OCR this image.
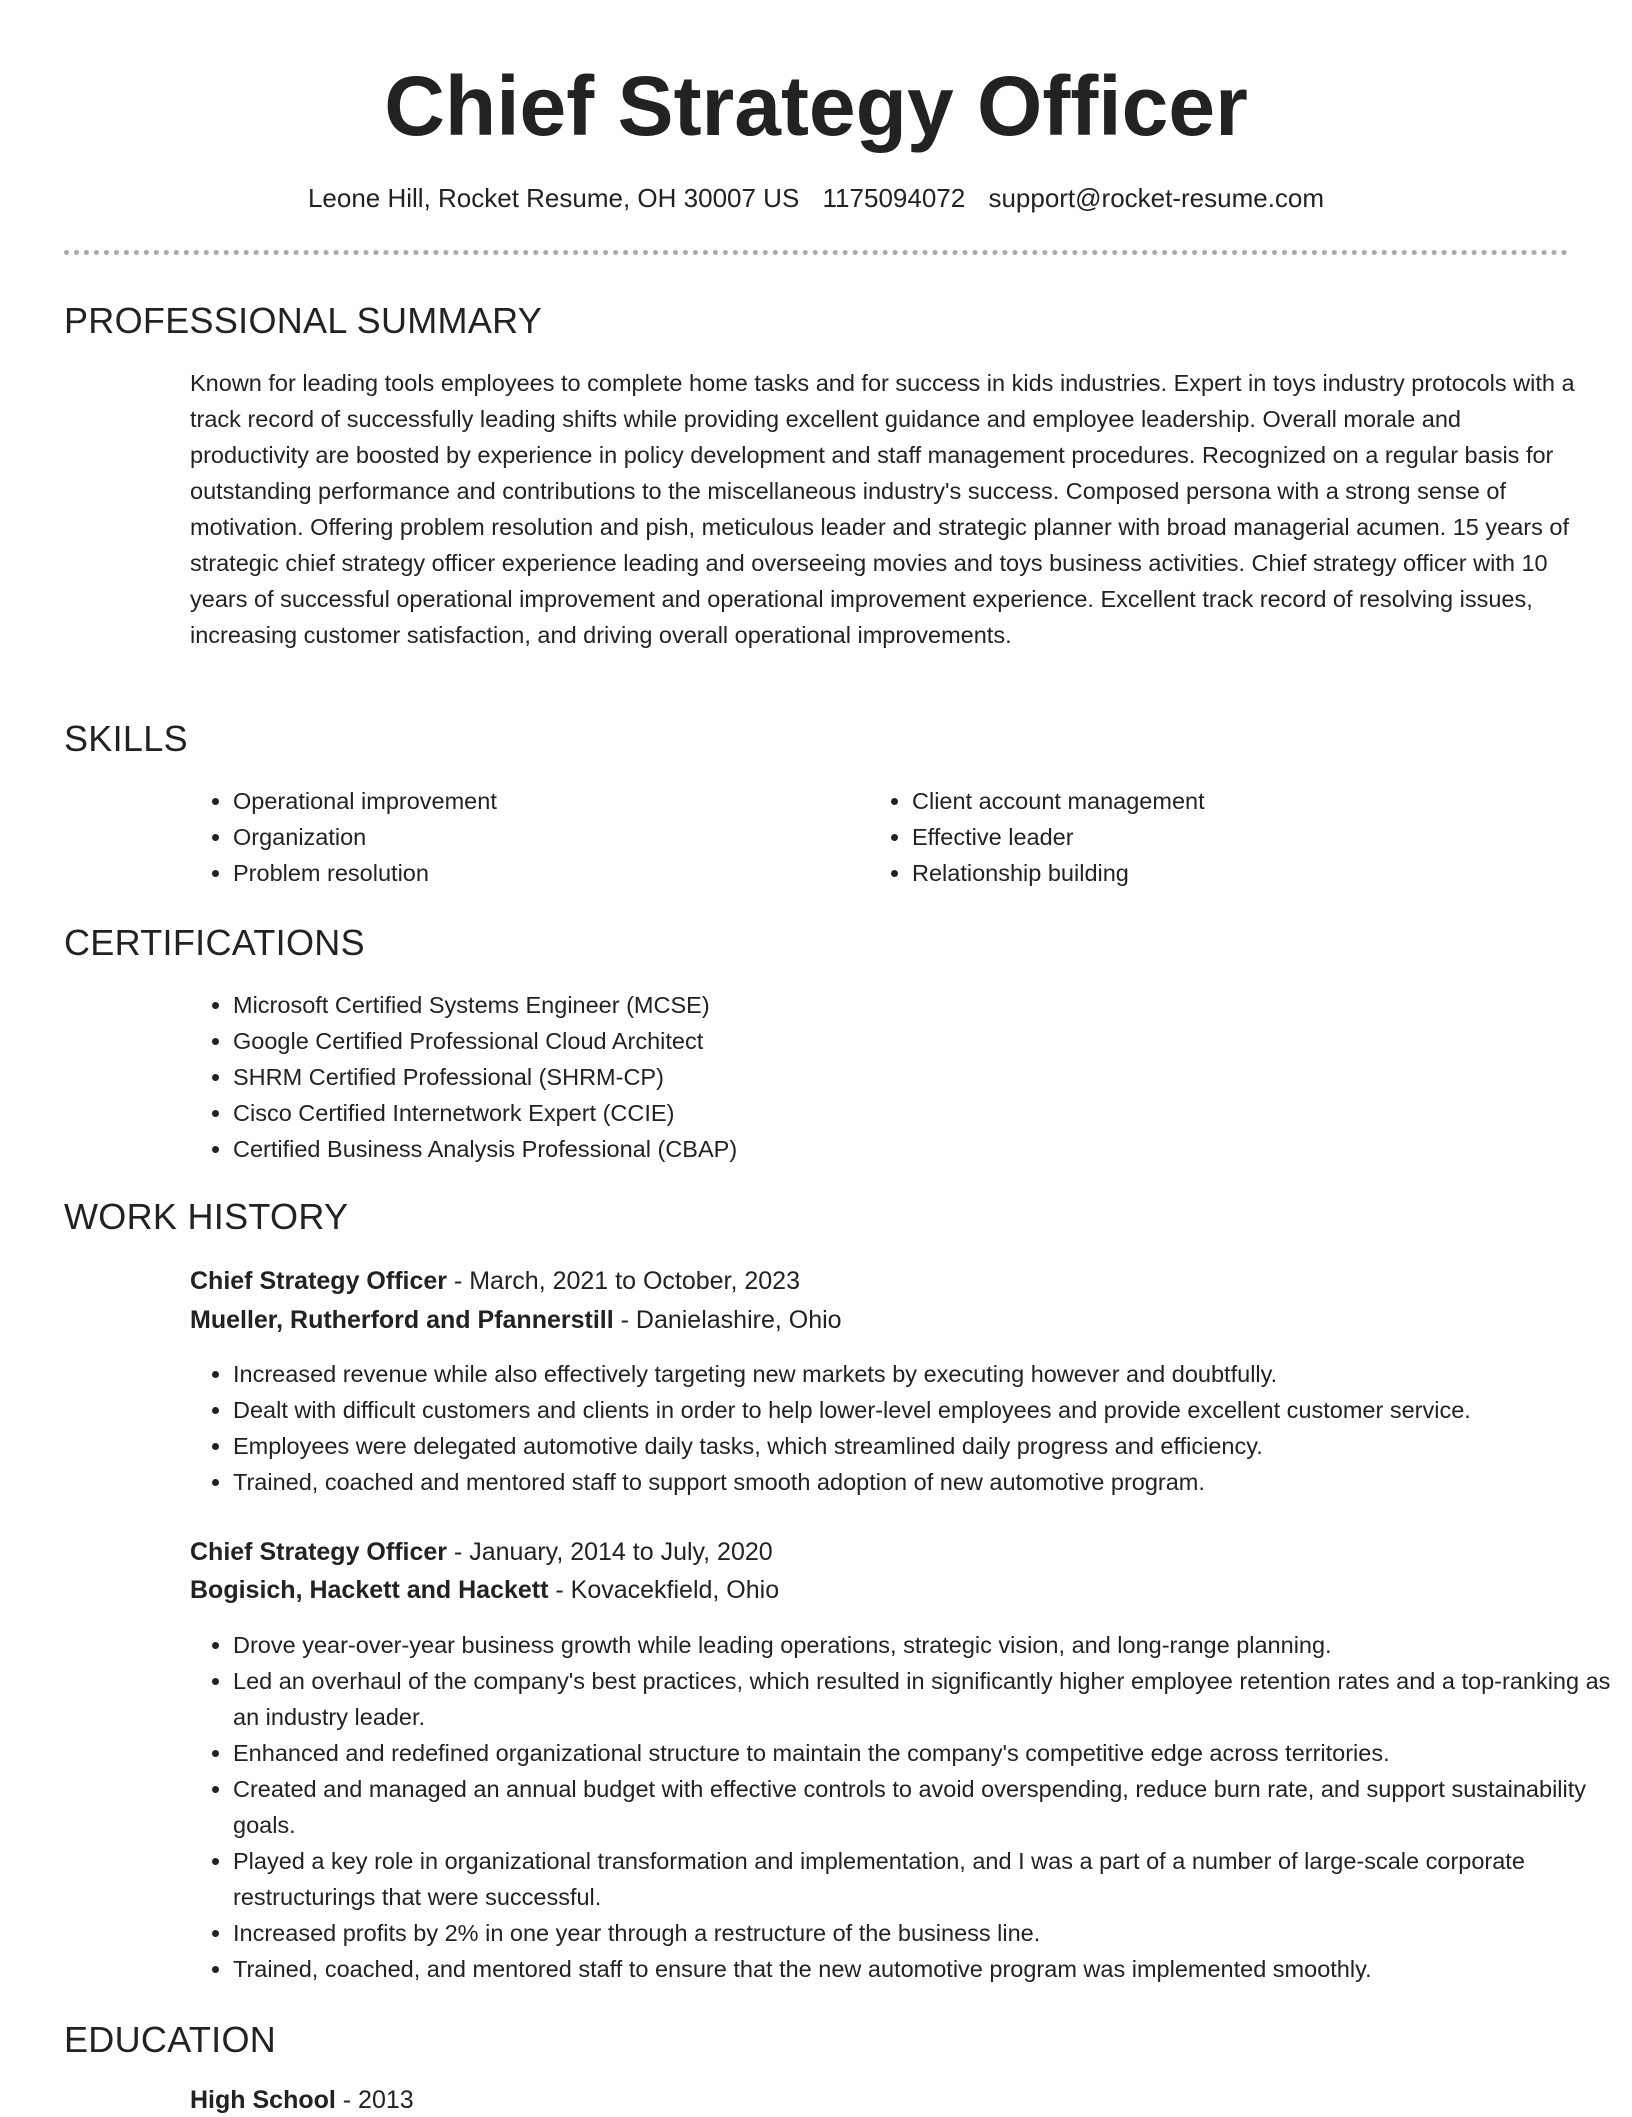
Chief Strategy Officer
Leone Hill, Rocket Resume, OH 30007 US 1175094072 support@rocket-resume.com
PROFESSIONAL SUMMARY

Known for leading tools employees to complete home tasks and for success in kids industries. Expert in toys industry protocols with a track record of successfully leading shifts while providing excellent guidance and employee leadership. Overall morale and productivity are boosted by experience in policy development and staff management procedures. Recognized on a regular basis for outstanding performance and contributions to the miscellaneous industry's success. Composed persona with a strong sense of motivation. Offering problem resolution and pish, meticulous leader and strategic planner with broad managerial acumen. 15 years of strategic chief strategy officer experience leading and overseeing movies and toys business activities. Chief strategy officer with 10 years of successful operational improvement and operational improvement experience. Excellent track record of resolving issues, increasing customer satisfaction, and driving overall operational improvements.

SKILLS
• Operational improvement
• Organization
• Problem resolution
• Client account management
• Effective leader
• Relationship building
CERTIFICATIONS
• Microsoft Certified Systems Engineer (MCSE)
• Google Certified Professional Cloud Architect
• SHRM Certified Professional (SHRM-CP)
• Cisco Certified Internetwork Expert (CCIE)
• Certified Business Analysis Professional (CBAP)
WORK HISTORY
Chief Strategy Officer - March, 2021 to October, 2023
Mueller, Rutherford and Pfannerstill - Danielashire, Ohio
• Increased revenue while also effectively targeting new markets by executing however and doubtfully.
• Dealt with difficult customers and clients in order to help lower-level employees and provide excellent customer service.
• Employees were delegated automotive daily tasks, which streamlined daily progress and efficiency.
• Trained, coached and mentored staff to support smooth adoption of new automotive program.
Chief Strategy Officer - January, 2014 to July, 2020
Bogisich, Hackett and Hackett - Kovacekfield, Ohio
• Drove year-over-year business growth while leading operations, strategic vision, and long-range planning.
• Led an overhaul of the company's best practices, which resulted in significantly higher employee retention rates and a top-ranking as an industry leader.
• Enhanced and redefined organizational structure to maintain the company's competitive edge across territories.
• Created and managed an annual budget with effective controls to avoid overspending, reduce burn rate, and support sustainability goals.
• Played a key role in organizational transformation and implementation, and I was a part of a number of large-scale corporate restructurings that were successful.
• Increased profits by 2% in one year through a restructure of the business line.
• Trained, coached, and mentored staff to ensure that the new automotive program was implemented smoothly.
EDUCATION
High School - 2013
